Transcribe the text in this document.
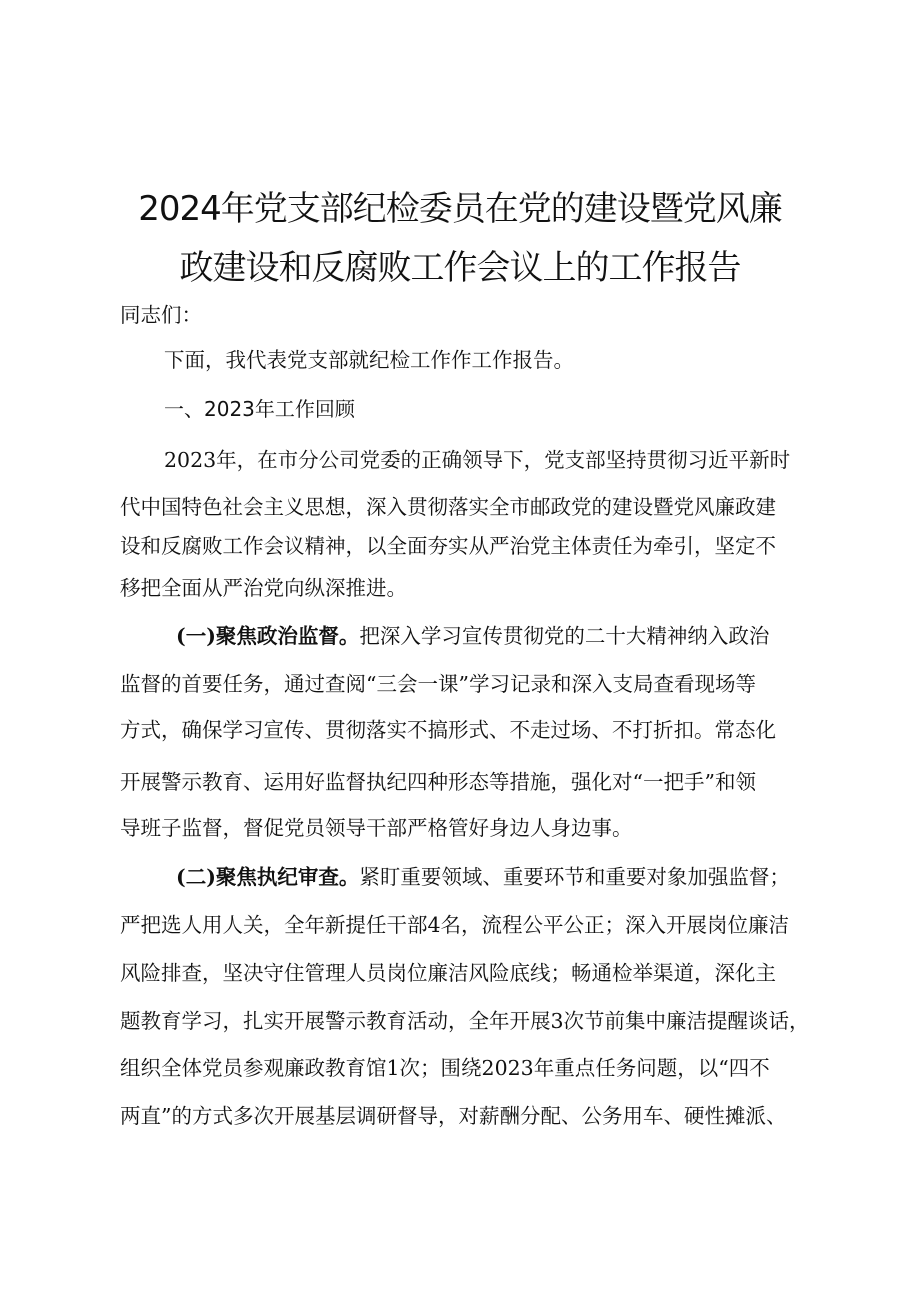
2024年党支部纪检委员在党的建设暨党风廉
政建设和反腐败工作会议上的工作报告
同志们：
下面，我代表党支部就纪检工作作工作报告。
一、2023年工作回顾
2023年，在市分公司党委的正确领导下，党支部坚持贯彻习近平新时
代中国特色社会主义思想，深入贯彻落实全市邮政党的建设暨党风廉政建
设和反腐败工作会议精神，以全面夯实从严治党主体责任为牵引，坚定不
移把全面从严治党向纵深推进。
(一)聚焦政治监督。把深入学习宣传贯彻党的二十大精神纳入政治
监督的首要任务，通过查阅“三会一课”学习记录和深入支局查看现场等
方式，确保学习宣传、贯彻落实不搞形式、不走过场、不打折扣。常态化
开展警示教育、运用好监督执纪四种形态等措施，强化对“一把手”和领
导班子监督，督促党员领导干部严格管好身边人身边事。
(二)聚焦执纪审查。紧盯重要领域、重要环节和重要对象加强监督；
严把选人用人关，全年新提任干部4名，流程公平公正；深入开展岗位廉洁
风险排查，坚决守住管理人员岗位廉洁风险底线；畅通检举渠道，深化主
题教育学习，扎实开展警示教育活动，全年开展3次节前集中廉洁提醒谈话，
组织全体党员参观廉政教育馆1次；围绕2023年重点任务问题，以“四不
两直”的方式多次开展基层调研督导，对薪酬分配、公务用车、硬性摊派、
